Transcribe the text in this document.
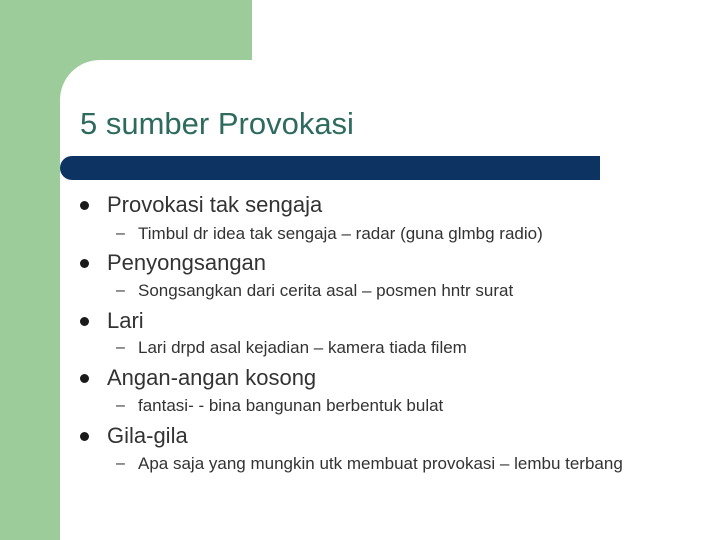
5 sumber Provokasi
Provokasi tak sengaja
– Timbul dr idea tak sengaja – radar (guna glmbg radio)
Penyongsangan
– Songsangkan dari cerita asal – posmen hntr surat
Lari
– Lari drpd asal kejadian – kamera tiada filem
Angan-angan kosong
– fantasi- - bina bangunan berbentuk bulat
Gila-gila
– Apa saja yang mungkin utk membuat provokasi – lembu terbang
